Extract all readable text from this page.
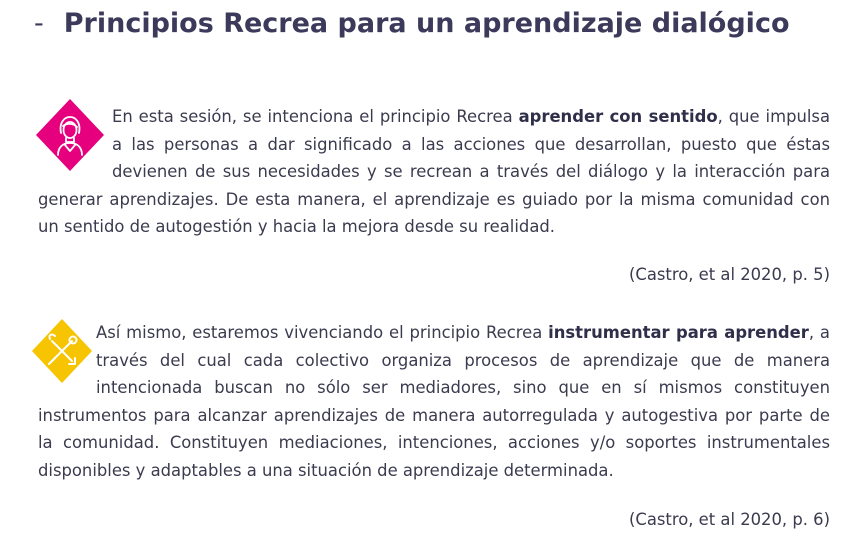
- Principios Recrea para un aprendizaje dialógico

En esta sesión, se intenciona el principio Recrea aprender con sentido, que impulsa a las personas a dar significado a las acciones que desarrollan, puesto que éstas devienen de sus necesidades y se recrean a través del diálogo y la interacción para generar aprendizajes. De esta manera, el aprendizaje es guiado por la misma comunidad con un sentido de autogestión y hacia la mejora desde su realidad.

(Castro, et al 2020, p. 5)

Así mismo, estaremos vivenciando el principio Recrea instrumentar para aprender, a través del cual cada colectivo organiza procesos de aprendizaje que de manera intencionada buscan no sólo ser mediadores, sino que en sí mismos constituyen instrumentos para alcanzar aprendizajes de manera autorregulada y autogestiva por parte de la comunidad. Constituyen mediaciones, intenciones, acciones y/o soportes instrumentales disponibles y adaptables a una situación de aprendizaje determinada.

(Castro, et al 2020, p. 6)
